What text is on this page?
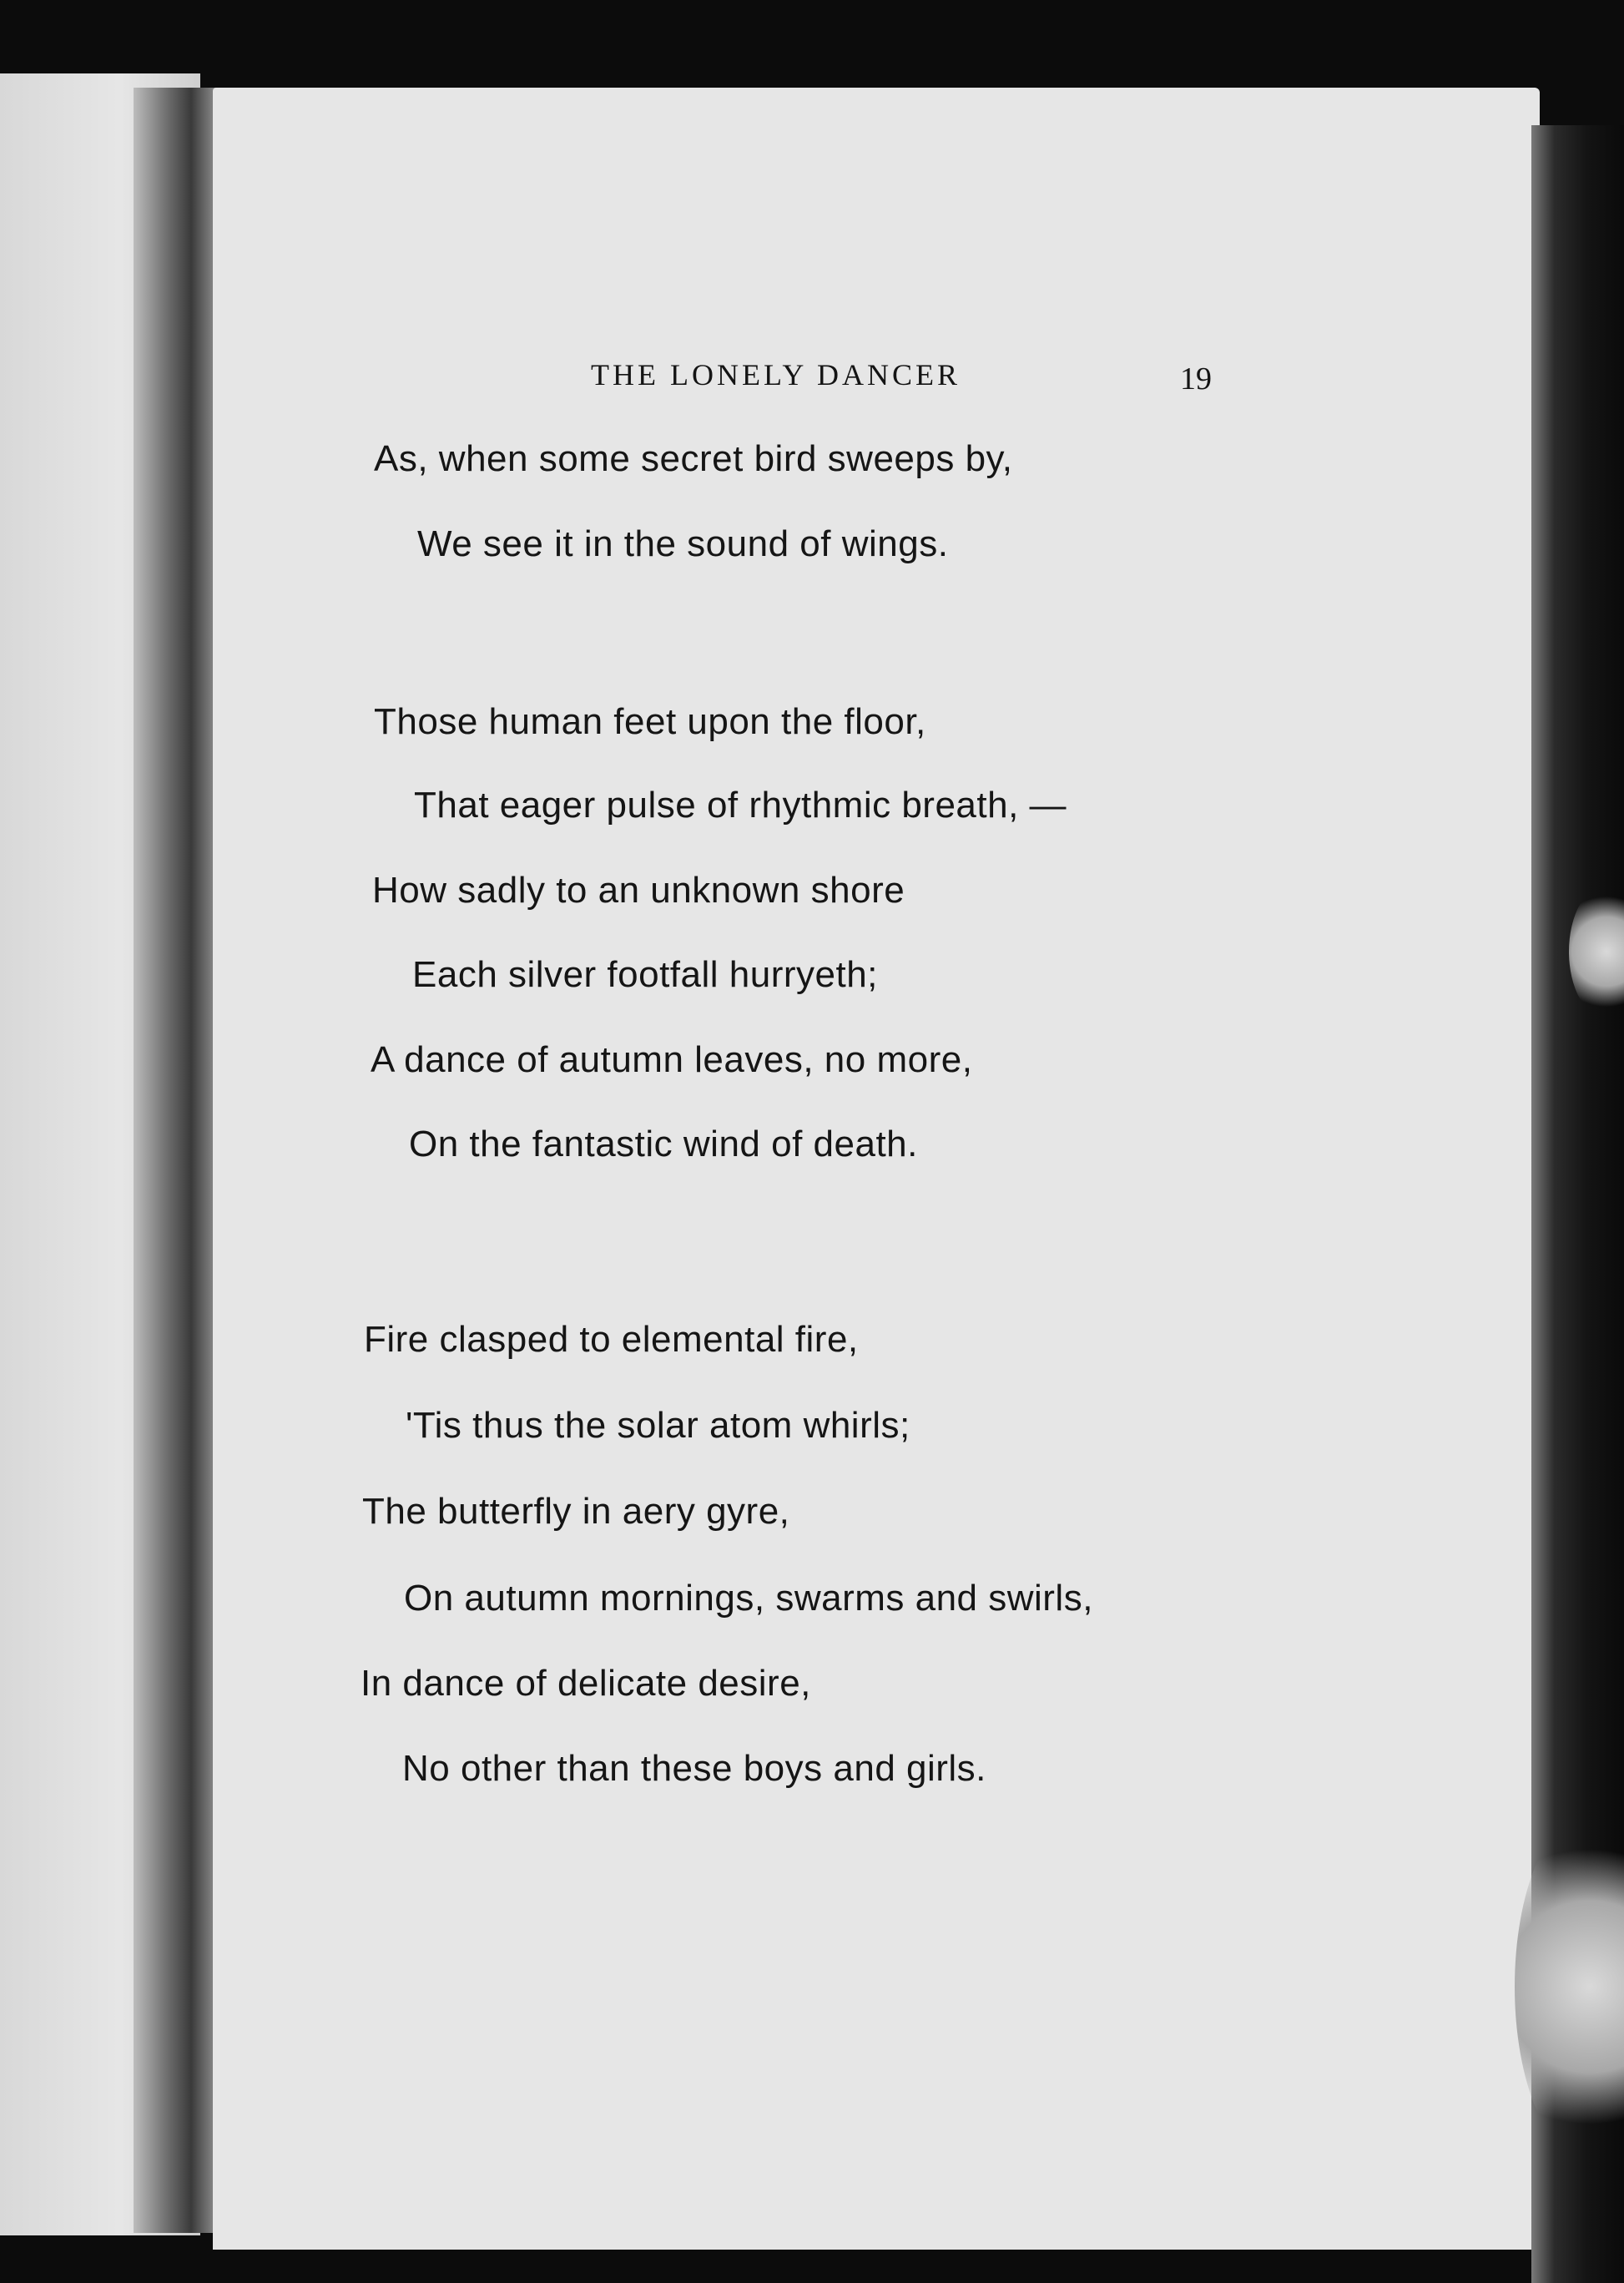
THE LONELY DANCER	19
As, when some secret bird sweeps by,
We see it in the sound of wings.
Those human feet upon the floor,
That eager pulse of rhythmic breath, —
How sadly to an unknown shore
Each silver footfall hurryeth;
A dance of autumn leaves, no more,
On the fantastic wind of death.
Fire clasped to elemental fire,
'Tis thus the solar atom whirls;
The butterfly in aery gyre,
On autumn mornings, swarms and swirls,
In dance of delicate desire,
No other than these boys and girls.
